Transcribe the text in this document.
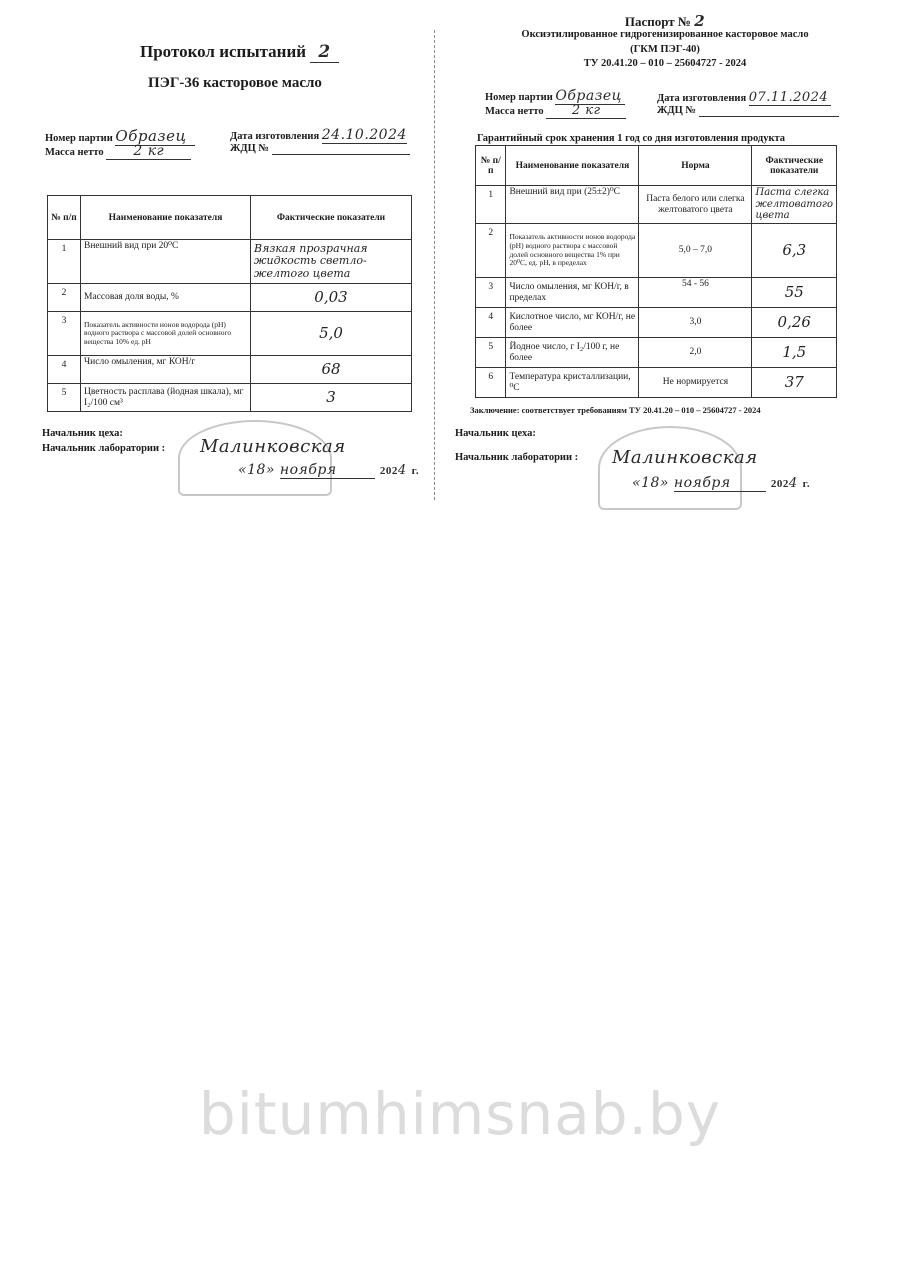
Протокол испытаний 2
ПЭГ-36 касторовое масло
Номер партии Образец
Масса нетто 2 кг
Дата изготовления 24.10.2024
ЖДЦ №
№ п/п	Наименование показателя	Фактические показатели
1	Внешний вид при 20⁰С	Вязкая прозрачная жидкость светло-желтого цвета
2	Массовая доля воды, %	0,03
3	Показатель активности ионов водорода (pH) водного раствора с массовой долей основного вещества 10% ед. pH	5,0
4	Число омыления, мг КОН/г	68
5	Цветность расплава (йодная шкала), мг I₂/100 см³	3
Начальник цеха:
Начальник лаборатории : Малинковская
«18» ноября	2024 г.
Паспорт № 2
Оксиэтилированное гидрогенизированное касторовое масло
(ГКМ ПЭГ-40)
ТУ 20.41.20 – 010 – 25604727 - 2024
Номер партии Образец
Масса нетто 2 кг
Дата изготовления 07.11.2024
ЖДЦ №
Гарантийный срок хранения 1 год со дня изготовления продукта
№ п/п	Наименование показателя	Норма	Фактические показатели
1	Внешний вид при (25±2)⁰С	Паста белого или слегка желтоватого цвета	Паста слегка желтоватого цвета
2	Показатель активности ионов водорода (pH) водного раствора с массовой долей основного вещества 1% при 20⁰С, ед. pH, в пределах	5,0 – 7,0	6,3
3	Число омыления, мг КОН/г, в пределах	54 - 56	55
4	Кислотное число, мг КОН/г, не более	3,0	0,26
5	Йодное число, г I₂/100 г, не более	2,0	1,5
6	Температура кристаллизации, ⁰С	Не нормируется	37
Заключение: соответствует требованиям ТУ 20.41.20 – 010 – 25604727 - 2024
Начальник цеха:
Начальник лаборатории : Малинковская
«18» ноября	2024 г.
bitumhimsnab.by
